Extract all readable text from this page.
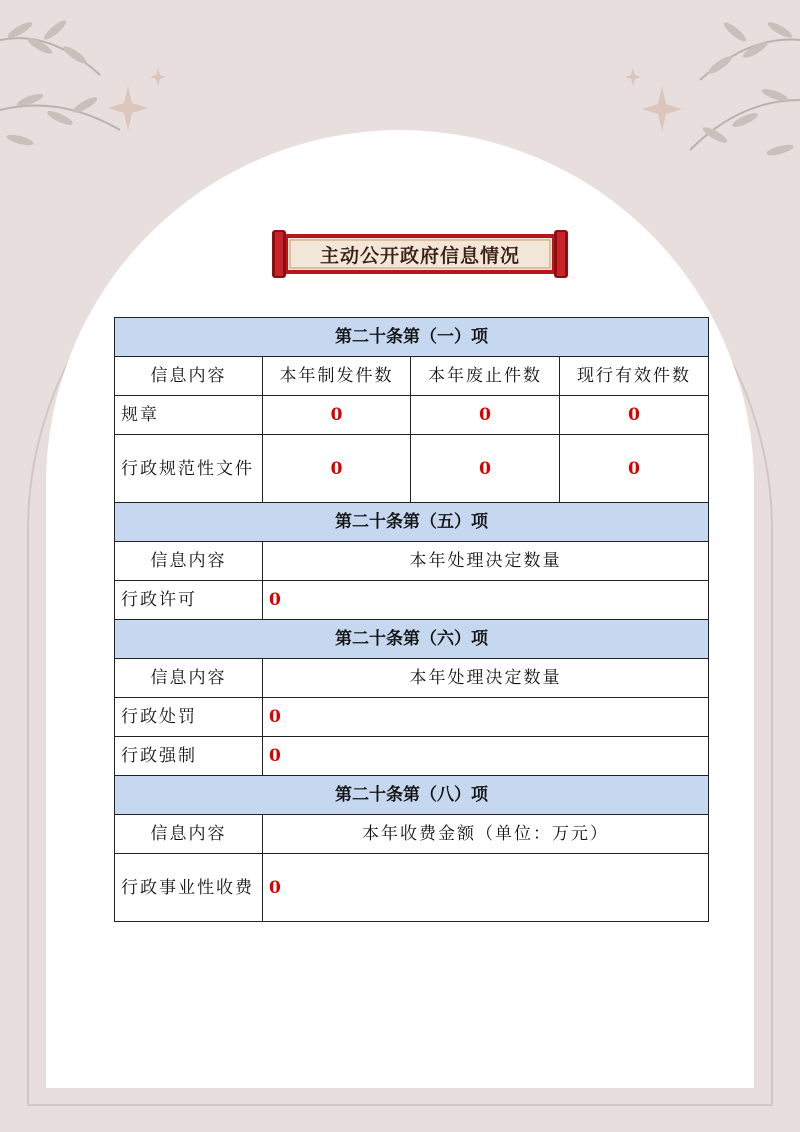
主动公开政府信息情况
第二十条第（一）项			
信息内容	本年制发件数	本年废止件数	现行有效件数
规章	0	0	0
行政规范性文件	0	0	0
第二十条第（五）项			
信息内容	本年处理决定数量		
行政许可	0		
第二十条第（六）项			
信息内容	本年处理决定数量		
行政处罚	0		
行政强制	0		
第二十条第（八）项			
信息内容	本年收费金额（单位：万元）		
行政事业性收费	0		
